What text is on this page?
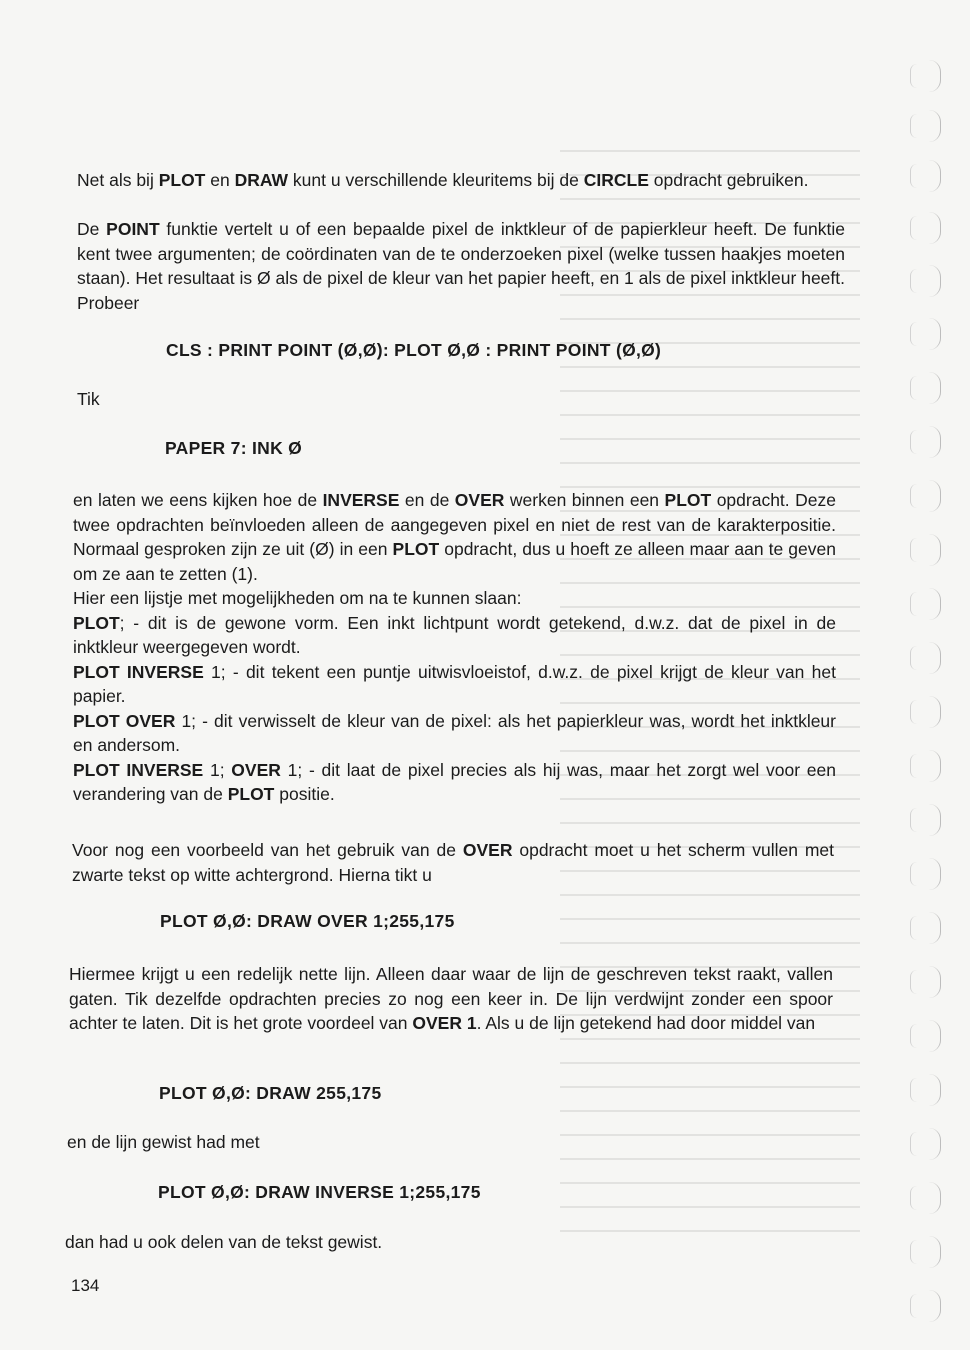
Net als bij PLOT en DRAW kunt u verschillende kleuritems bij de CIRCLE opdracht gebruiken.
De POINT funktie vertelt u of een bepaalde pixel de inktkleur of de papierkleur heeft. De funktie kent twee argumenten; de coördinaten van de te onderzoeken pixel (welke tussen haakjes moeten staan). Het resultaat is Ø als de pixel de kleur van het papier heeft, en 1 als de pixel inktkleur heeft. Probeer
CLS : PRINT POINT (Ø,Ø): PLOT Ø,Ø : PRINT POINT (Ø,Ø)
Tik
PAPER 7: INK Ø
en laten we eens kijken hoe de INVERSE en de OVER werken binnen een PLOT opdracht. Deze twee opdrachten beïnvloeden alleen de aangegeven pixel en niet de rest van de karakterpositie. Normaal gesproken zijn ze uit (Ø) in een PLOT opdracht, dus u hoeft ze alleen maar aan te geven om ze aan te zetten (1).
Hier een lijstje met mogelijkheden om na te kunnen slaan:
PLOT; - dit is de gewone vorm. Een inkt lichtpunt wordt getekend, d.w.z. dat de pixel in de inktkleur weergegeven wordt.
PLOT INVERSE 1; - dit tekent een puntje uitwisvloeistof, d.w.z. de pixel krijgt de kleur van het papier.
PLOT OVER 1; - dit verwisselt de kleur van de pixel: als het papierkleur was, wordt het inktkleur en andersom.
PLOT INVERSE 1; OVER 1; - dit laat de pixel precies als hij was, maar het zorgt wel voor een verandering van de PLOT positie.
Voor nog een voorbeeld van het gebruik van de OVER opdracht moet u het scherm vullen met zwarte tekst op witte achtergrond. Hierna tikt u
PLOT Ø,Ø: DRAW OVER 1;255,175
Hiermee krijgt u een redelijk nette lijn. Alleen daar waar de lijn de geschreven tekst raakt, vallen gaten. Tik dezelfde opdrachten precies zo nog een keer in. De lijn verdwijnt zonder een spoor achter te laten. Dit is het grote voordeel van OVER 1. Als u de lijn getekend had door middel van
PLOT Ø,Ø: DRAW 255,175
en de lijn gewist had met
PLOT Ø,Ø: DRAW INVERSE 1;255,175
dan had u ook delen van de tekst gewist.
134
